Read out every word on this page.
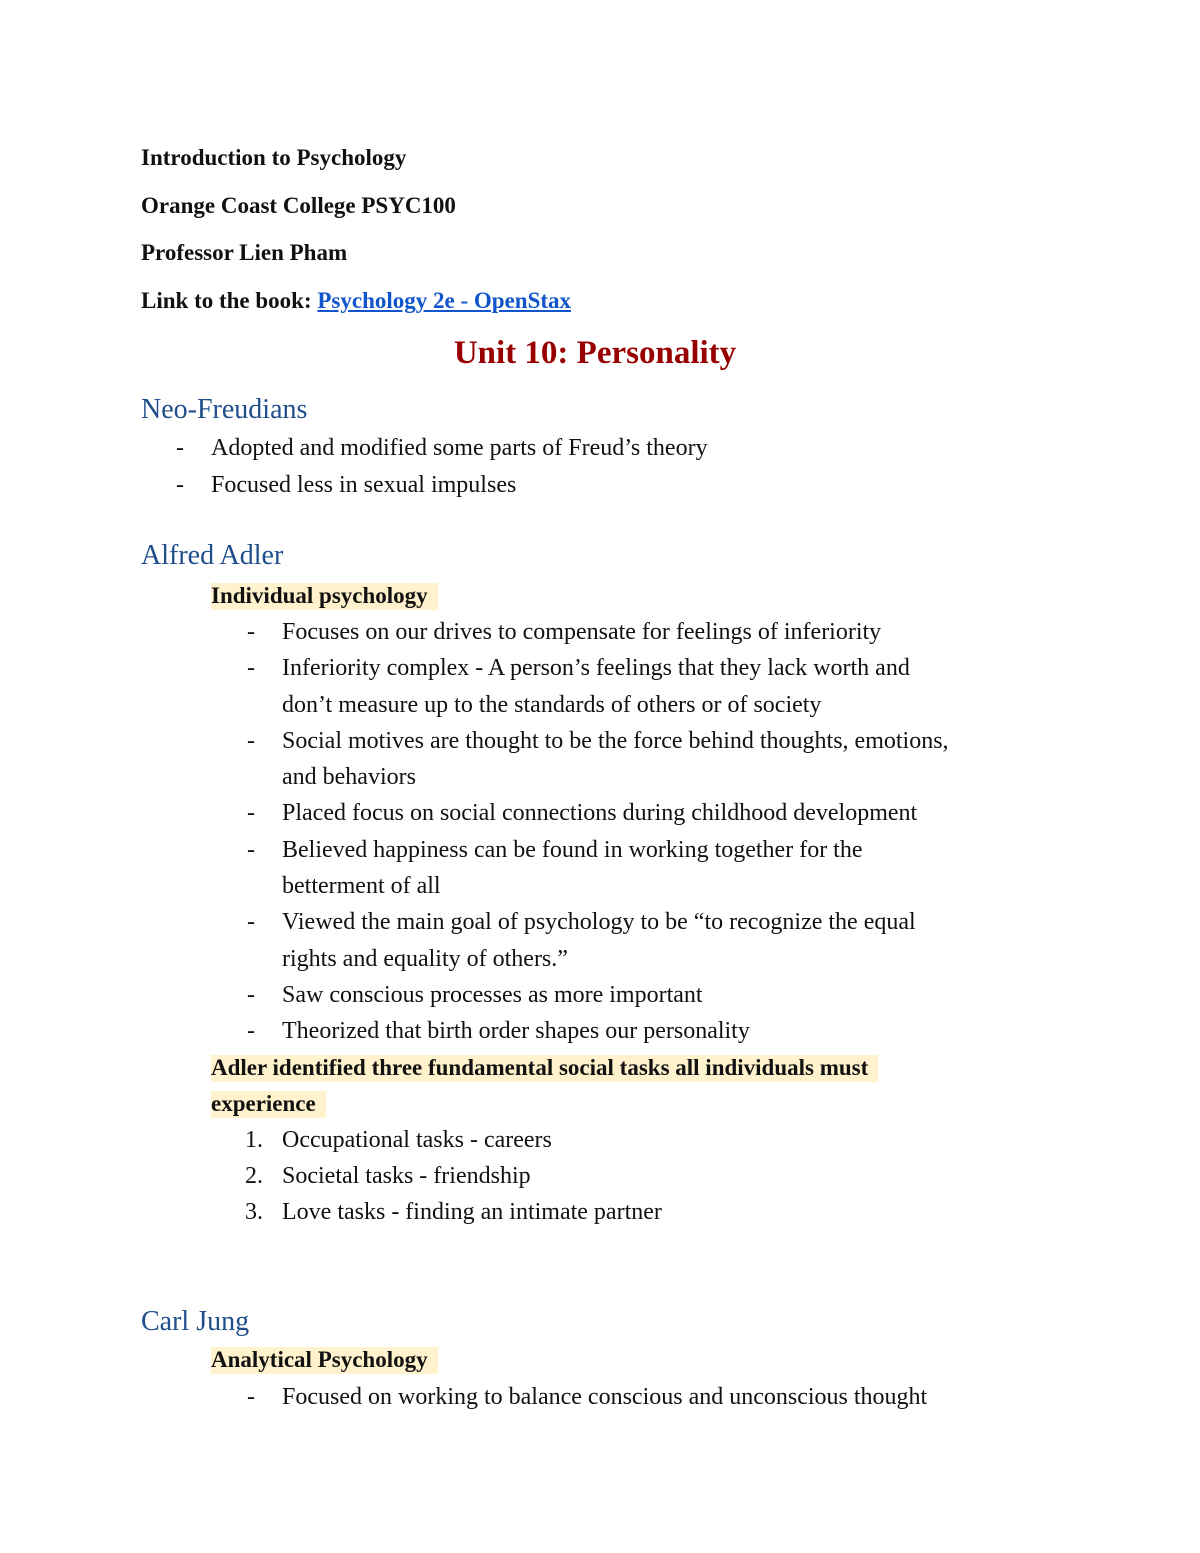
Introduction to Psychology
Orange Coast College PSYC100
Professor Lien Pham
Link to the book: Psychology 2e - OpenStax
Unit 10: Personality
Neo-Freudians
- Adopted and modified some parts of Freud’s theory
- Focused less in sexual impulses
Alfred Adler
Individual psychology
- Focuses on our drives to compensate for feelings of inferiority
- Inferiority complex - A person’s feelings that they lack worth and
don’t measure up to the standards of others or of society
- Social motives are thought to be the force behind thoughts, emotions,
and behaviors
- Placed focus on social connections during childhood development
- Believed happiness can be found in working together for the
betterment of all
- Viewed the main goal of psychology to be “to recognize the equal
rights and equality of others.”
- Saw conscious processes as more important
- Theorized that birth order shapes our personality
Adler identified three fundamental social tasks all individuals must
experience
1. Occupational tasks - careers
2. Societal tasks - friendship
3. Love tasks - finding an intimate partner
Carl Jung
Analytical Psychology
- Focused on working to balance conscious and unconscious thought
